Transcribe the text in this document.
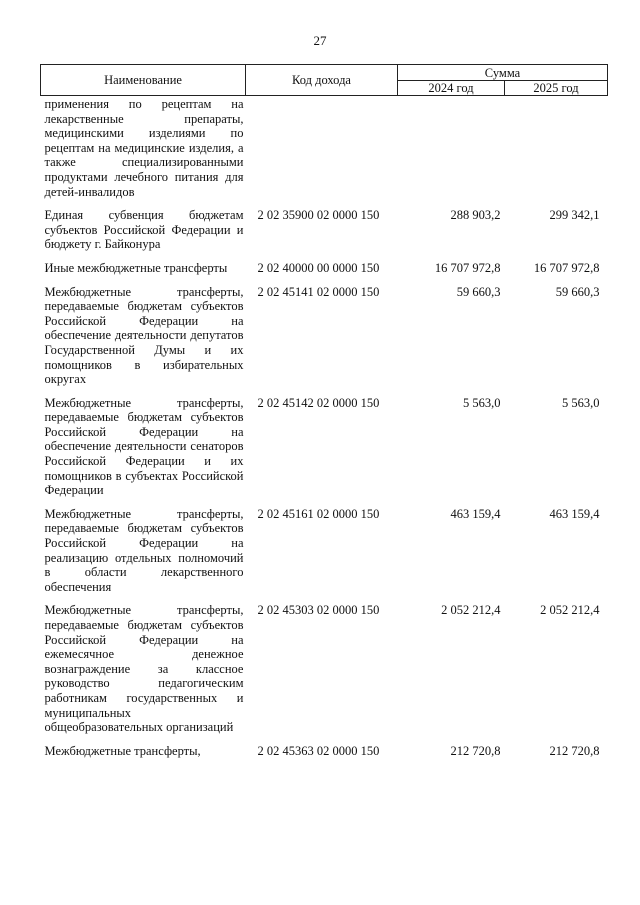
27
Наименование	Код дохода	Сумма	
		2024 год	2025 год
применения по рецептам на лекарственные препараты, медицинскими изделиями по рецептам на медицинские изделия, а также специализированными продуктами лечебного питания для детей-инвалидов			
Единая субвенция бюджетам субъектов Российской Федерации и бюджету г. Байконура	2 02 35900 02 0000 150	288 903,2	299 342,1
Иные межбюджетные трансферты	2 02 40000 00 0000 150	16 707 972,8	16 707 972,8
Межбюджетные трансферты, передаваемые бюджетам субъектов Российской Федерации на обеспечение деятельности депутатов Государственной Думы и их помощников в избирательных округах	2 02 45141 02 0000 150	59 660,3	59 660,3
Межбюджетные трансферты, передаваемые бюджетам субъектов Российской Федерации на обеспечение деятельности сенаторов Российской Федерации и их помощников в субъектах Российской Федерации	2 02 45142 02 0000 150	5 563,0	5 563,0
Межбюджетные трансферты, передаваемые бюджетам субъектов Российской Федерации на реализацию отдельных полномочий в области лекарственного обеспечения	2 02 45161 02 0000 150	463 159,4	463 159,4
Межбюджетные трансферты, передаваемые бюджетам субъектов Российской Федерации на ежемесячное денежное вознаграждение за классное руководство педагогическим работникам государственных и муниципальных общеобразовательных организаций	2 02 45303 02 0000 150	2 052 212,4	2 052 212,4
Межбюджетные трансферты,	2 02 45363 02 0000 150	212 720,8	212 720,8
